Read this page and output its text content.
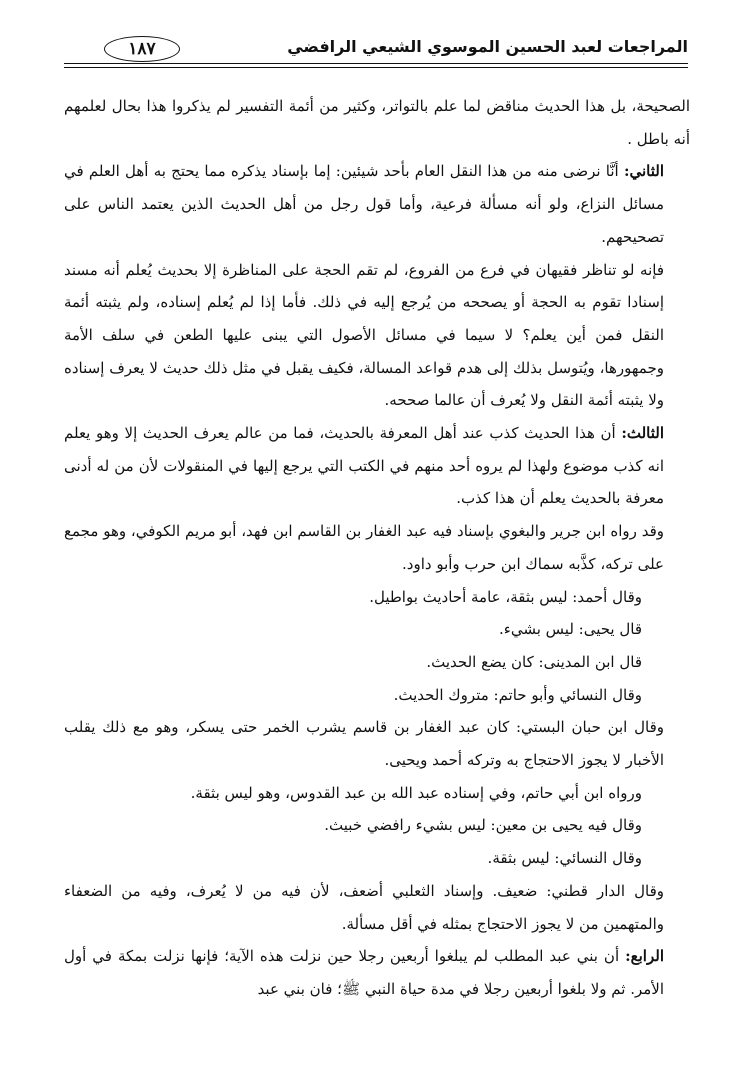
المراجعات لعبد الحسين الموسوي الشيعي الرافضي
١٨٧

الصحيحة، بل هذا الحديث مناقض لما علم بالتواتر، وكثير من أئمة التفسير لم يذكروا هذا بحال لعلمهم أنه باطل .

الثاني: أنَّا نرضى منه من هذا النقل العام بأحد شيئين: إما بإسناد يذكره مما يحتج به أهل العلم في مسائل النزاع، ولو أنه مسألة فرعية، وأما قول رجل من أهل الحديث الذين يعتمد الناس على تصحيحهم.

فإنه لو تناظر فقيهان في فرع من الفروع، لم تقم الحجة على المناظرة إلا بحديث يُعلم أنه مسند إسنادا تقوم به الحجة أو يصححه من يُرجع إليه في ذلك. فأما إذا لم يُعلم إسناده، ولم يثبته أئمة النقل فمن أين يعلم؟ لا سيما في مسائل الأصول التي يبنى عليها الطعن في سلف الأمة وجمهورها، ويُتوسل بذلك إلى هدم قواعد المسالة، فكيف يقبل في مثل ذلك حديث لا يعرف إسناده ولا يثبته أئمة النقل ولا يُعرف أن عالما صححه.

الثالث: أن هذا الحديث كذب عند أهل المعرفة بالحديث، فما من عالم يعرف الحديث إلا وهو يعلم انه كذب موضوع ولهذا لم يروه أحد منهم في الكتب التي يرجع إليها في المنقولات لأن من له أدنى معرفة بالحديث يعلم أن هذا كذب.

وقد رواه ابن جرير والبغوي بإسناد فيه عبد الغفار بن القاسم ابن فهد، أبو مريم الكوفي، وهو مجمع على تركه، كذَّبه سماك ابن حرب وأبو داود.

وقال أحمد: ليس بثقة، عامة أحاديث بواطيل.

قال يحيى: ليس بشيء.

قال ابن المدينى: كان يضع الحديث.

وقال النسائي وأبو حاتم: متروك الحديث.

وقال ابن حبان البستي: كان عبد الغفار بن قاسم يشرب الخمر حتى يسكر، وهو مع ذلك يقلب الأخبار لا يجوز الاحتجاج به وتركه أحمد ويحيى.

ورواه ابن أبي حاتم، وفي إسناده عبد الله بن عبد القدوس، وهو ليس بثقة.

وقال فيه يحيى بن معين: ليس بشيء رافضي خبيث.

وقال النسائي: ليس بثقة.

وقال الدار قطني: ضعيف. وإسناد الثعلبي أضعف، لأن فيه من لا يُعرف، وفيه من الضعفاء والمتهمين من لا يجوز الاحتجاج بمثله في أقل مسألة.

الرابع: أن بني عبد المطلب لم يبلغوا أربعين رجلا حين نزلت هذه الآية؛ فإنها نزلت بمكة في أول الأمر. ثم ولا بلغوا أربعين رجلا في مدة حياة النبي ﷺ؛ فان بني عبد
